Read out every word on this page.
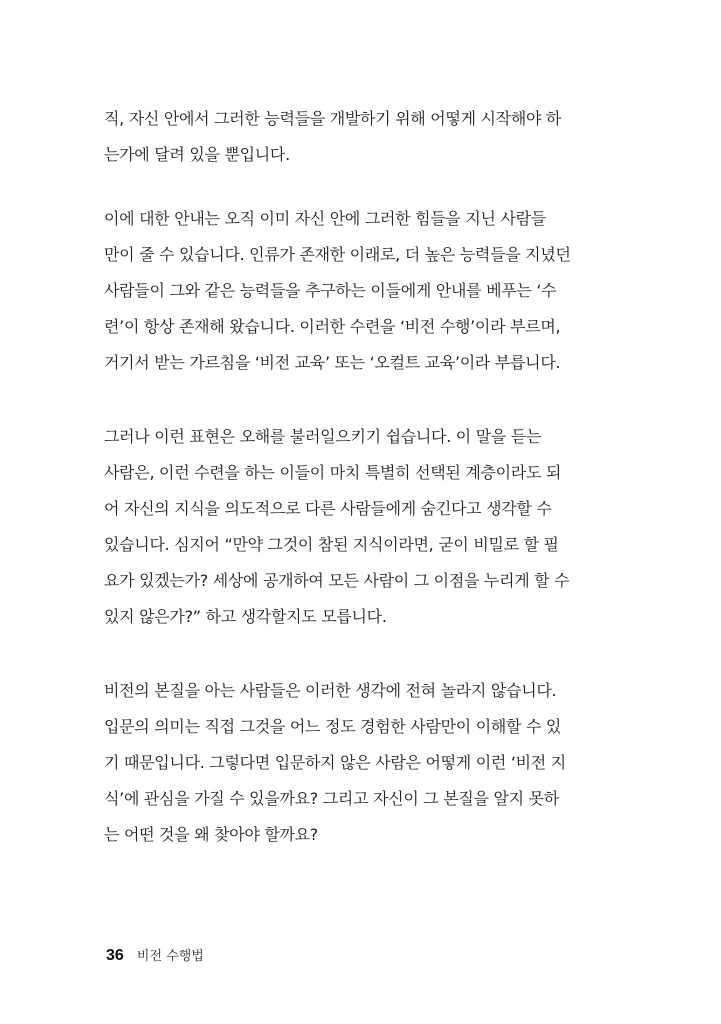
직, 자신 안에서 그러한 능력들을 개발하기 위해 어떻게 시작해야 하
는가에 달려 있을 뿐입니다.
이에 대한 안내는 오직 이미 자신 안에 그러한 힘들을 지닌 사람들
만이 줄 수 있습니다. 인류가 존재한 이래로, 더 높은 능력들을 지녔던
사람들이 그와 같은 능력들을 추구하는 이들에게 안내를 베푸는 ‘수
련’이 항상 존재해 왔습니다. 이러한 수련을 ‘비전 수행’이라 부르며,
거기서 받는 가르침을 ‘비전 교육’ 또는 ‘오컬트 교육’이라 부릅니다.
그러나 이런 표현은 오해를 불러일으키기 쉽습니다. 이 말을 듣는
사람은, 이런 수련을 하는 이들이 마치 특별히 선택된 계층이라도 되
어 자신의 지식을 의도적으로 다른 사람들에게 숨긴다고 생각할 수
있습니다. 심지어 “만약 그것이 참된 지식이라면, 굳이 비밀로 할 필
요가 있겠는가? 세상에 공개하여 모든 사람이 그 이점을 누리게 할 수
있지 않은가?” 하고 생각할지도 모릅니다.
비전의 본질을 아는 사람들은 이러한 생각에 전혀 놀라지 않습니다.
입문의 의미는 직접 그것을 어느 정도 경험한 사람만이 이해할 수 있
기 때문입니다. 그렇다면 입문하지 않은 사람은 어떻게 이런 ‘비전 지
식’에 관심을 가질 수 있을까요? 그리고 자신이 그 본질을 알지 못하
는 어떤 것을 왜 찾아야 할까요?
36 비전 수행법
